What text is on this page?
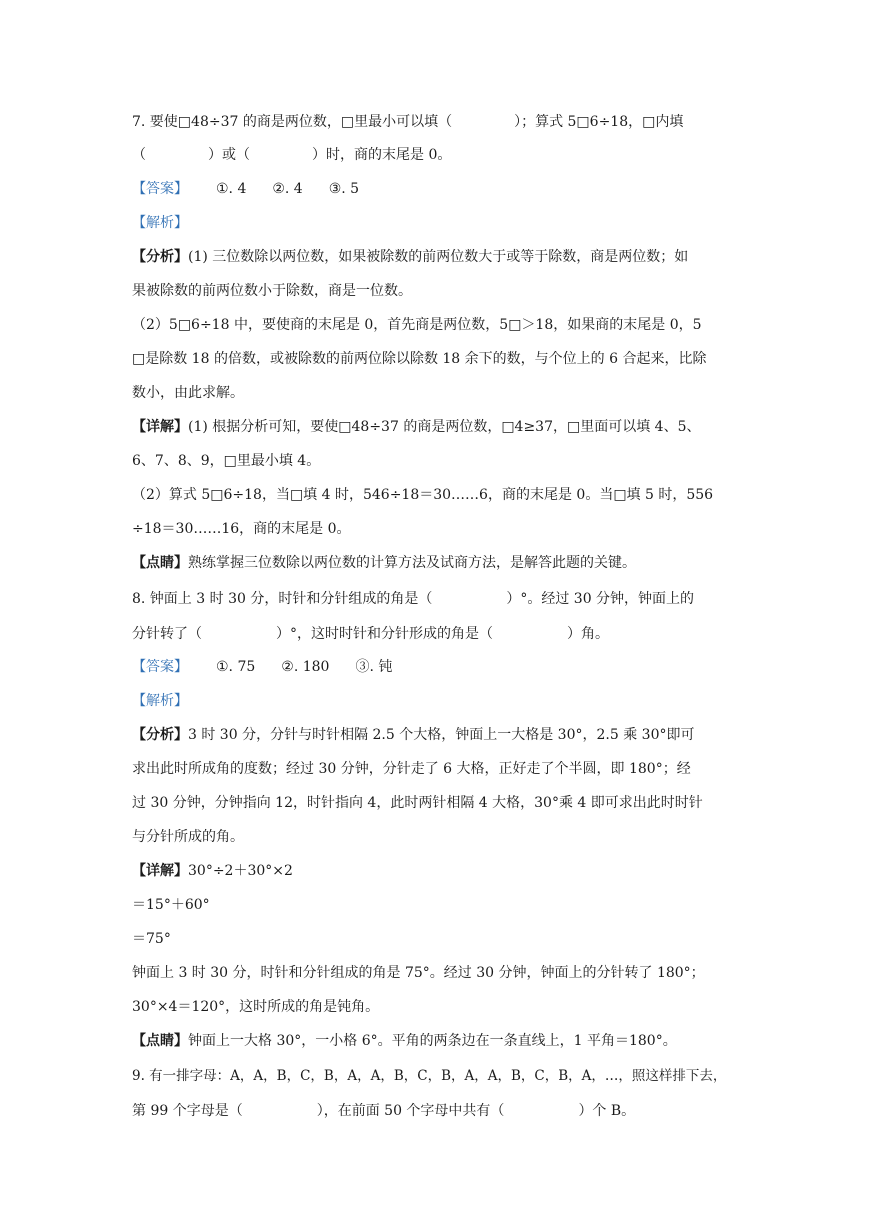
7. 要使□48÷37 的商是两位数，□里最小可以填（	）；算式 5□6÷18，□内填
（	）或（	）时，商的末尾是 0。
【答案】 ①. 4 ②. 4 ③. 5
【解析】
【分析】(1) 三位数除以两位数，如果被除数的前两位数大于或等于除数，商是两位数；如
果被除数的前两位数小于除数，商是一位数。
（2）5□6÷18 中，要使商的末尾是 0，首先商是两位数，5□＞18，如果商的末尾是 0，5
□是除数 18 的倍数，或被除数的前两位除以除数 18 余下的数，与个位上的 6 合起来，比除
数小，由此求解。
【详解】(1) 根据分析可知，要使□48÷37 的商是两位数，□4≥37，□里面可以填 4、5、
6、7、8、9，□里最小填 4。
（2）算式 5□6÷18，当□填 4 时，546÷18＝30……6，商的末尾是 0。当□填 5 时，556
÷18＝30……16，商的末尾是 0。
【点睛】熟练掌握三位数除以两位数的计算方法及试商方法，是解答此题的关键。
8. 钟面上 3 时 30 分，时针和分针组成的角是（	）°。经过 30 分钟，钟面上的
分针转了（	）°，这时时针和分针形成的角是（	）角。
【答案】 ①. 75 ②. 180 ③. 钝
【解析】
【分析】3 时 30 分，分针与时针相隔 2.5 个大格，钟面上一大格是 30°，2.5 乘 30°即可
求出此时所成角的度数；经过 30 分钟，分针走了 6 大格，正好走了个半圆，即 180°；经
过 30 分钟，分钟指向 12，时针指向 4，此时两针相隔 4 大格，30°乘 4 即可求出此时时针
与分针所成的角。
【详解】30°÷2＋30°×2
＝15°＋60°
＝75°
钟面上 3 时 30 分，时针和分针组成的角是 75°。经过 30 分钟，钟面上的分针转了 180°；
30°×4＝120°，这时所成的角是钝角。
【点睛】钟面上一大格 30°，一小格 6°。平角的两条边在一条直线上，1 平角＝180°。
9. 有一排字母：A，A，B，C，B，A，A，B，C，B，A，A，B，C，B，A，…，照这样排下去，
第 99 个字母是（	），在前面 50 个字母中共有（	）个 B。
